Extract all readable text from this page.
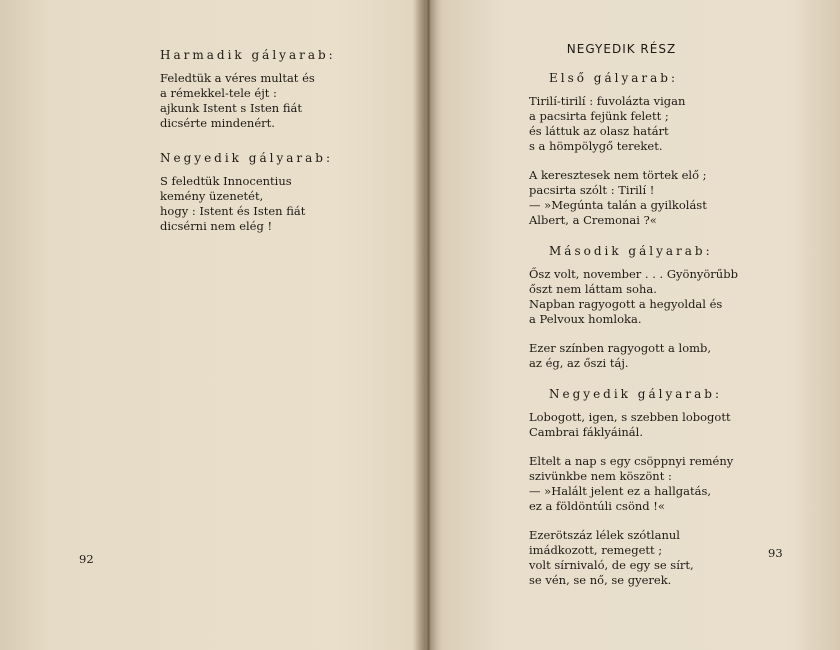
Harmadik gályarab:
Feledtük a véres multat és
a rémekkel-tele éjt :
ajkunk Istent s Isten fiát
dicsérte mindenért.
Negyedik gályarab:
S feledtük Innocentius
kemény üzenetét,
hogy : Istent és Isten fiát
dicsérni nem elég !
92
NEGYEDIK RÉSZ
Első gályarab:
Tirilí-tirilí : fuvolázta vigan
a pacsirta fejünk felett ;
és láttuk az olasz határt
s a hömpölygő tereket.
A keresztesek nem törtek elő ;
pacsirta szólt : Tirilí !
— »Megúnta talán a gyilkolást
Albert, a Cremonai ?«
Második gályarab:
Ősz volt, november . . . Gyönyörűbb
őszt nem láttam soha.
Napban ragyogott a hegyoldal és
a Pelvoux homloka.
Ezer színben ragyogott a lomb,
az ég, az őszi táj.
Negyedik gályarab:
Lobogott, igen, s szebben lobogott
Cambrai fáklyáinál.
Eltelt a nap s egy csöppnyi remény
szivünkbe nem köszönt :
— »Halált jelent ez a hallgatás,
ez a földöntúli csönd !«
Ezerötszáz lélek szótlanul
imádkozott, remegett ;
volt sírnivaló, de egy se sírt,
se vén, se nő, se gyerek.
93
